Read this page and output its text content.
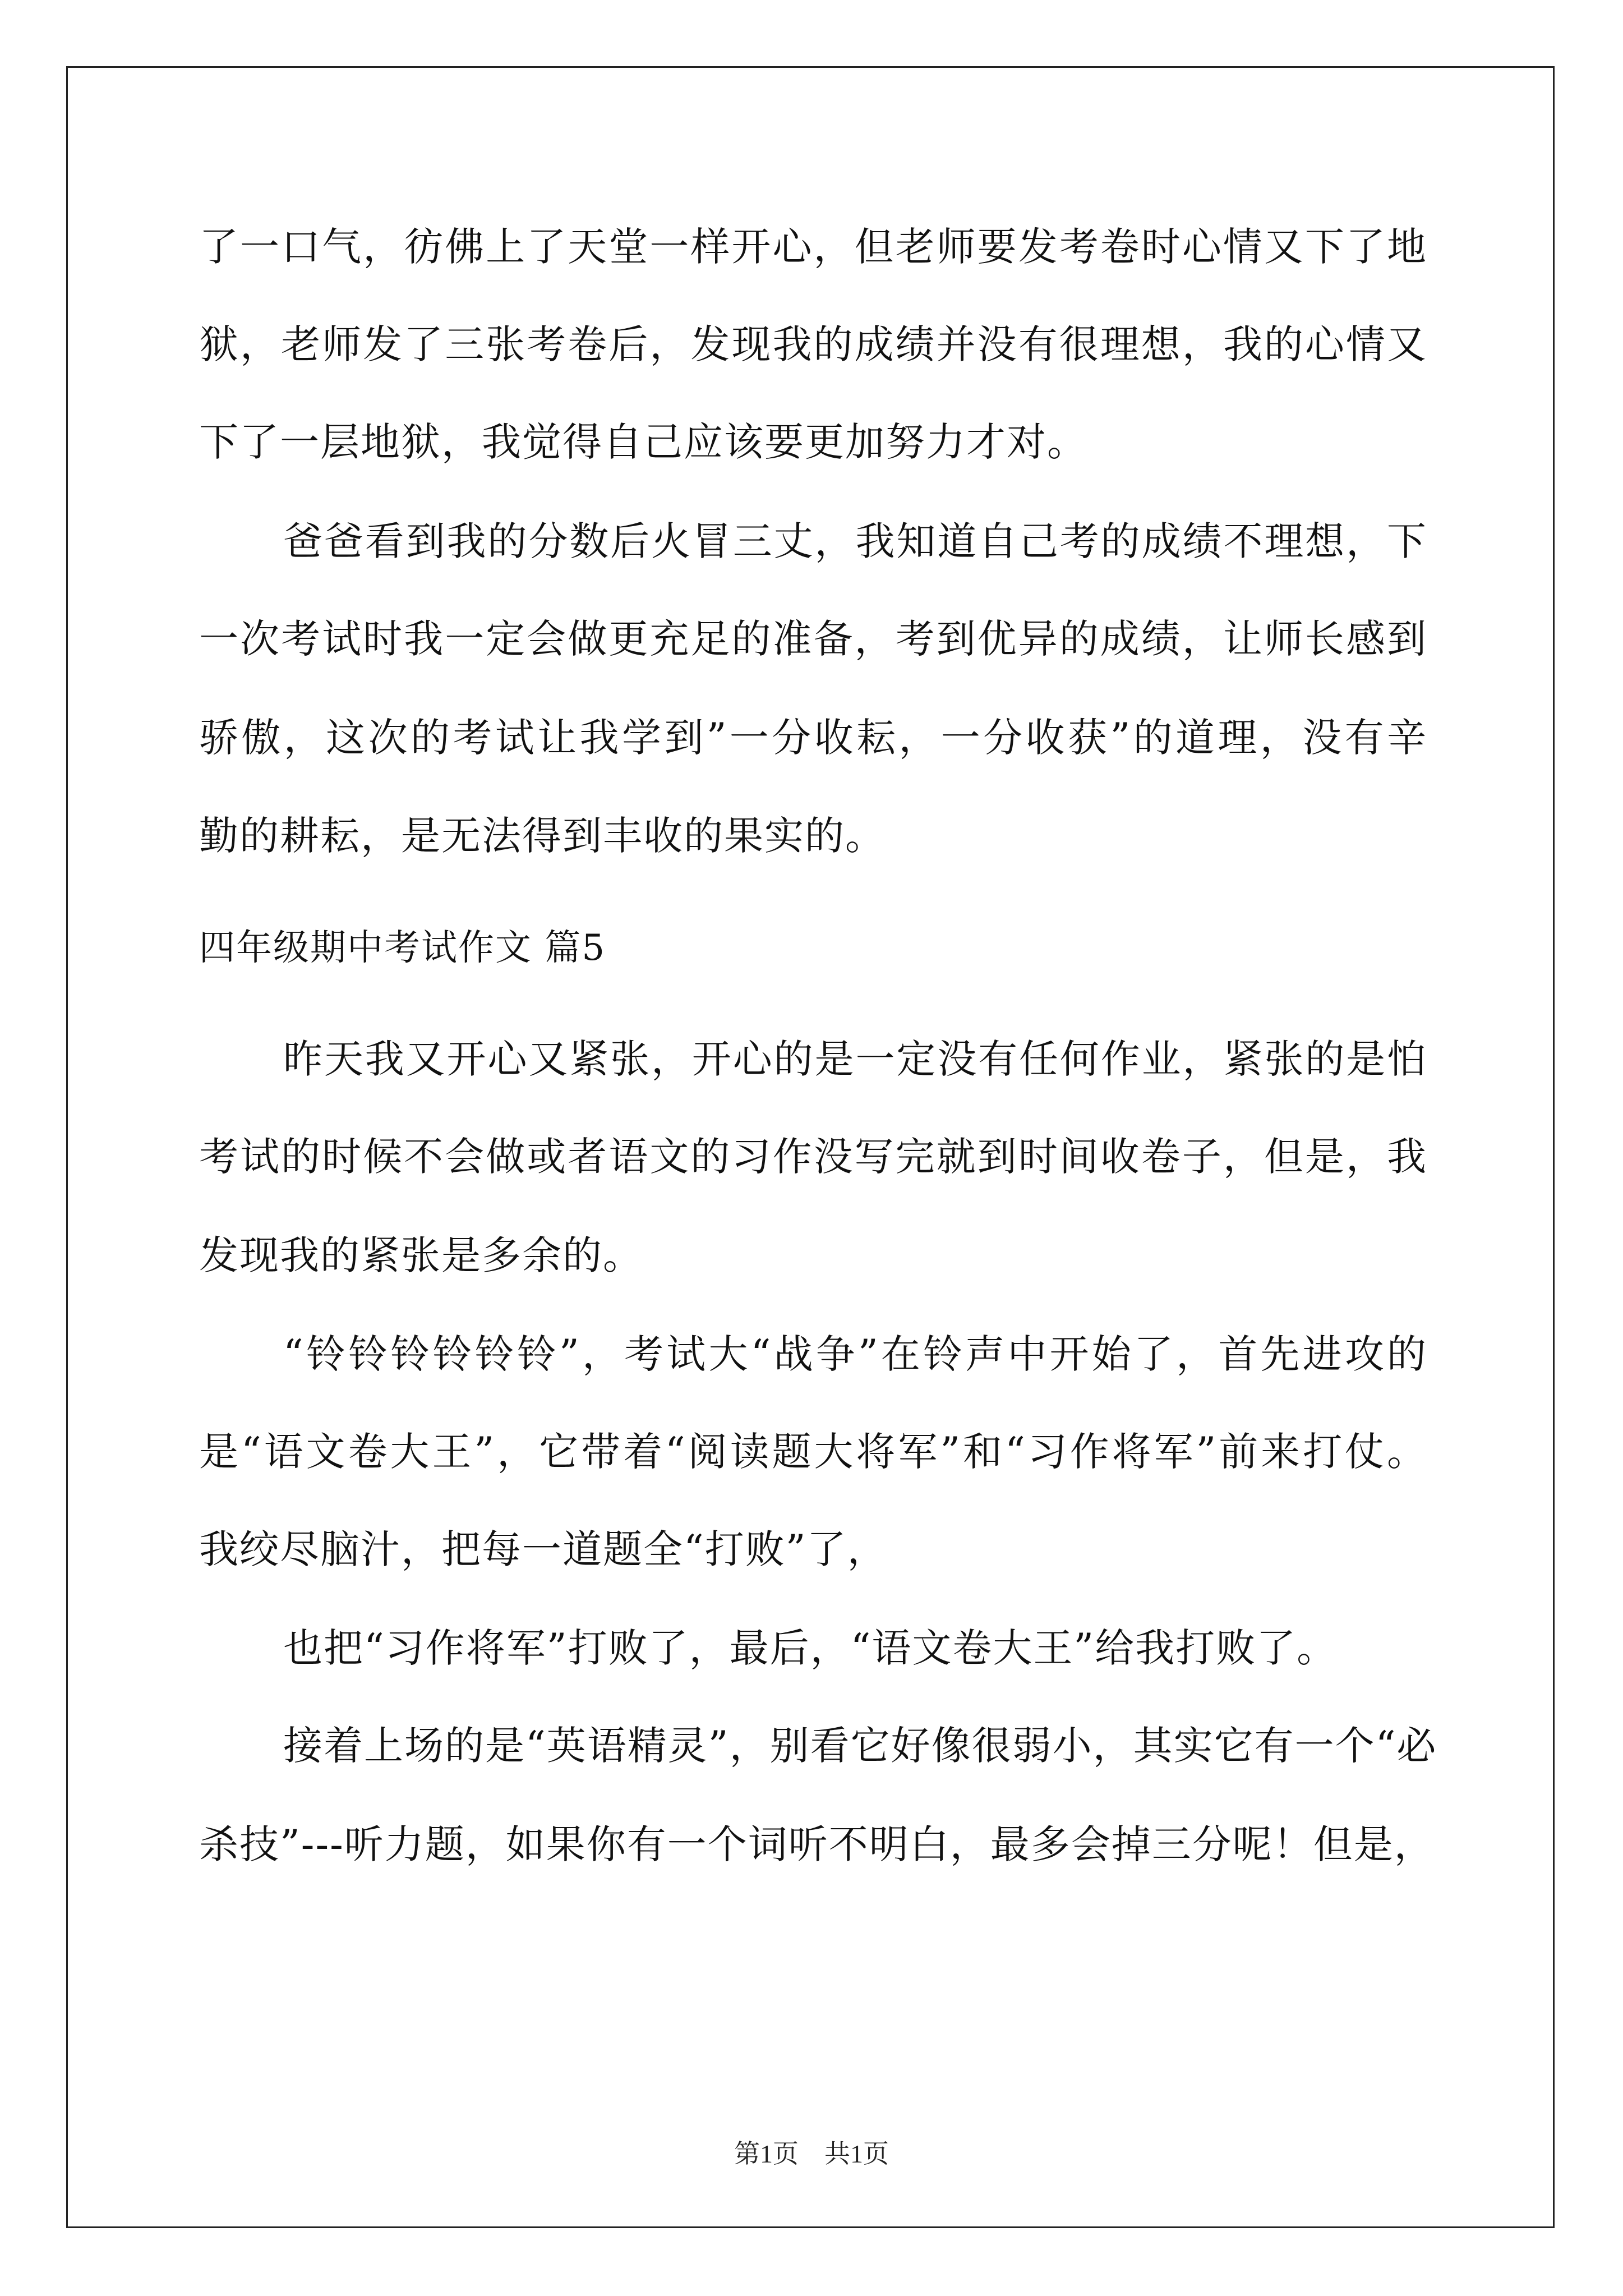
了一口气，彷佛上了天堂一样开心，但老师要发考卷时心情又下了地
狱，老师发了三张考卷后，发现我的成绩并没有很理想，我的心情又
下了一层地狱，我觉得自己应该要更加努力才对。
爸爸看到我的分数后火冒三丈，我知道自己考的成绩不理想，下
一次考试时我一定会做更充足的准备，考到优异的成绩，让师长感到
骄傲，这次的考试让我学到”一分收耘，一分收获”的道理，没有辛
勤的耕耘，是无法得到丰收的果实的。
四年级期中考试作文 篇5
昨天我又开心又紧张，开心的是一定没有任何作业，紧张的是怕
考试的时候不会做或者语文的习作没写完就到时间收卷子，但是，我
发现我的紧张是多余的。
“铃铃铃铃铃铃”，考试大“战争”在铃声中开始了，首先进攻的
是“语文卷大王”，它带着“阅读题大将军”和“习作将军”前来打仗。
我绞尽脑汁，把每一道题全“打败”了，
也把“习作将军”打败了，最后，“语文卷大王”给我打败了。
接着上场的是“英语精灵”，别看它好像很弱小，其实它有一个“必
杀技”---听力题，如果你有一个词听不明白，最多会掉三分呢！但是，
第1页 共1页
